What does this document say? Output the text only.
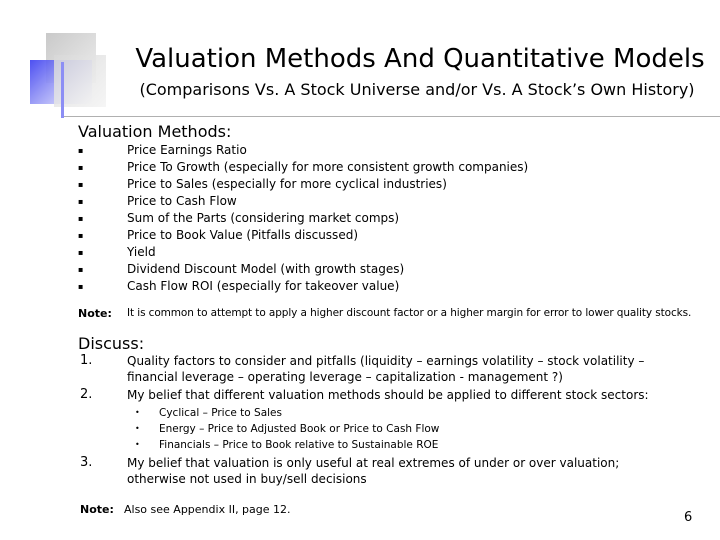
Valuation Methods And Quantitative Models
(Comparisons Vs. A Stock Universe and/or Vs. A Stock’s Own History)
Valuation Methods:
▪	Price Earnings Ratio
▪	Price To Growth (especially for more consistent growth companies)
▪	Price to Sales (especially for more cyclical industries)
▪	Price to Cash Flow
▪	Sum of the Parts (considering market comps)
▪	Price to Book Value (Pitfalls discussed)
▪	Yield
▪	Dividend Discount Model (with growth stages)
▪	Cash Flow ROI (especially for takeover value)
Note: It is common to attempt to apply a higher discount factor or a higher margin for error to lower quality stocks.
Discuss:
1.	Quality factors to consider and pitfalls (liquidity – earnings volatility – stock volatility –
financial leverage – operating leverage – capitalization - management ?)
2.	My belief that different valuation methods should be applied to different stock sectors:
• Cyclical – Price to Sales
• Energy – Price to Adjusted Book or Price to Cash Flow
• Financials – Price to Book relative to Sustainable ROE
3.	My belief that valuation is only useful at real extremes of under or over valuation;
otherwise not used in buy/sell decisions
Note: Also see Appendix II, page 12.
6
